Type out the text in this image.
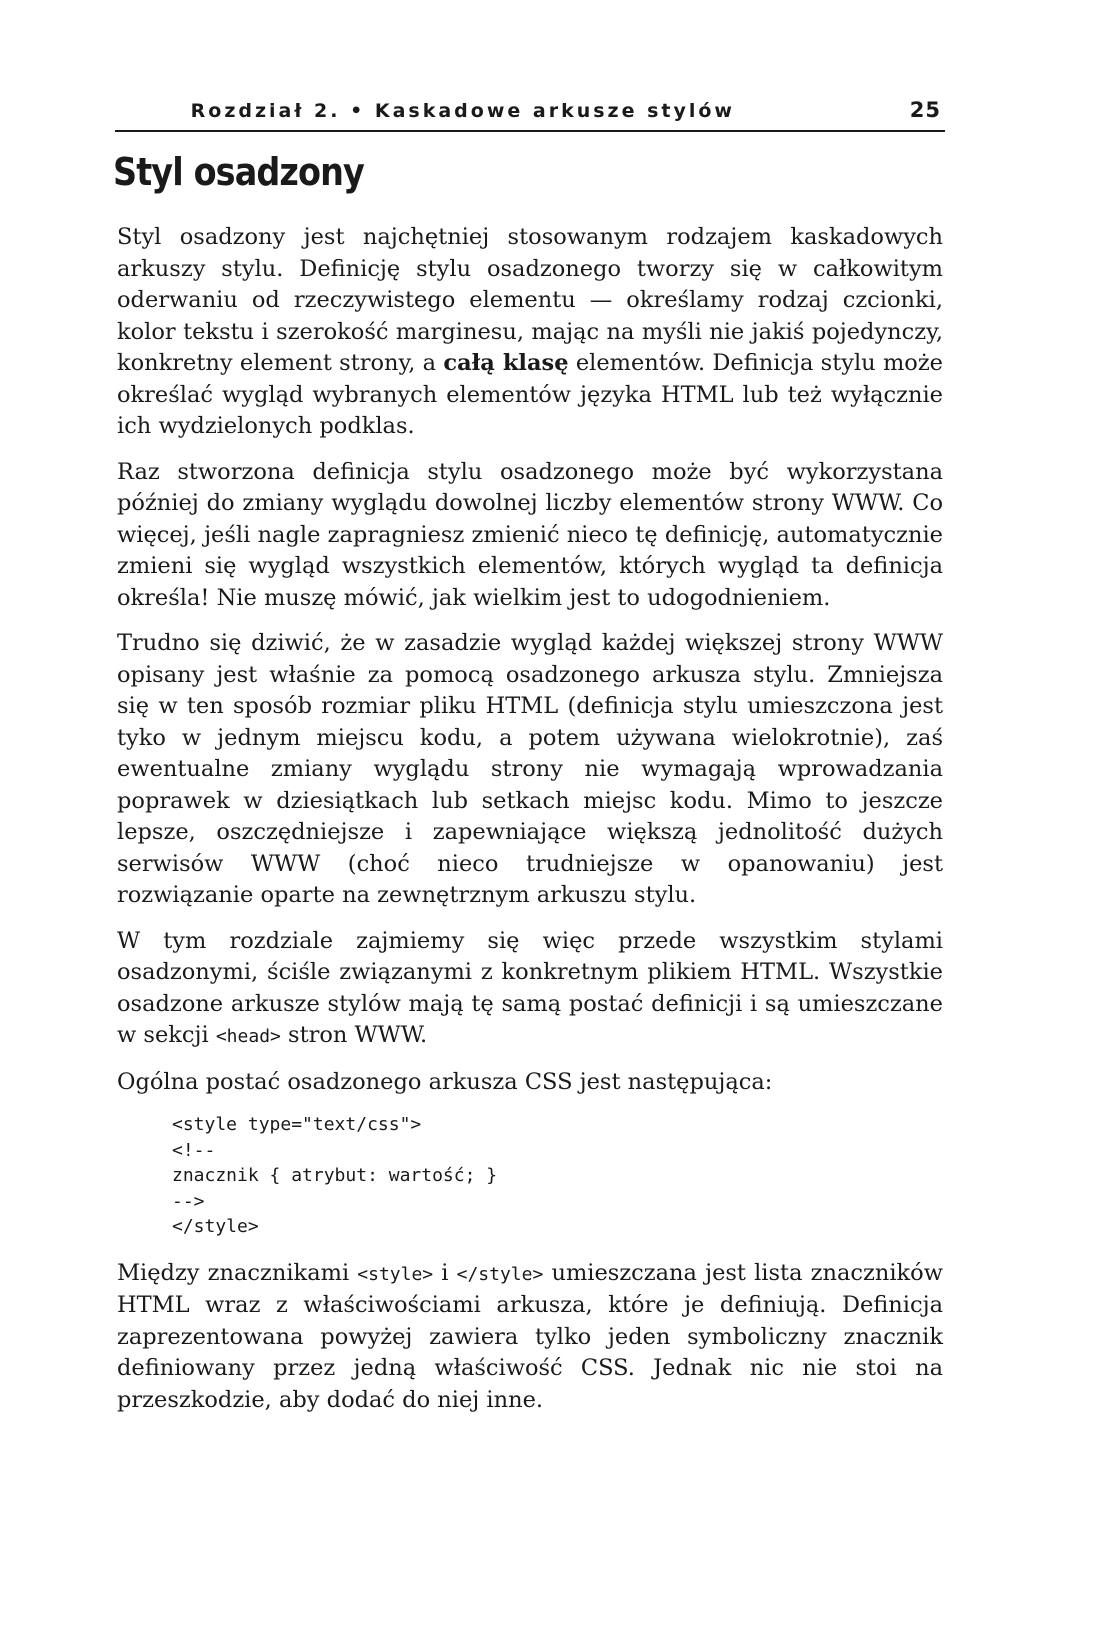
Rozdział 2. • Kaskadowe arkusze stylów	25
Styl osadzony

Styl osadzony jest najchętniej stosowanym rodzajem kaskadowych arkuszy stylu. Definicję stylu osadzonego tworzy się w całkowitym oderwaniu od rzeczywistego elementu — określamy rodzaj czcionki, kolor tekstu i szerokość marginesu, mając na myśli nie jakiś pojedynczy, konkretny element strony, a całą klasę elementów. Definicja stylu może określać wygląd wybranych elementów języka HTML lub też wyłącznie ich wydzielonych podklas.

Raz stworzona definicja stylu osadzonego może być wykorzystana później do zmiany wyglądu dowolnej liczby elementów strony WWW. Co więcej, jeśli nagle zapragniesz zmienić nieco tę definicję, automatycznie zmieni się wygląd wszystkich elementów, których wygląd ta definicja określa! Nie muszę mówić, jak wielkim jest to udogodnieniem.

Trudno się dziwić, że w zasadzie wygląd każdej większej strony WWW opisany jest właśnie za pomocą osadzonego arkusza stylu. Zmniejsza się w ten sposób rozmiar pliku HTML (definicja stylu umieszczona jest tyko w jednym miejscu kodu, a potem używana wielokrotnie), zaś ewentualne zmiany wyglądu strony nie wymagają wprowadzania poprawek w dziesiątkach lub setkach miejsc kodu. Mimo to jeszcze lepsze, oszczędniejsze i zapewniające większą jednolitość dużych serwisów WWW (choć nieco trudniejsze w opanowaniu) jest rozwiązanie oparte na zewnętrznym arkuszu stylu.

W tym rozdziale zajmiemy się więc przede wszystkim stylami osadzonymi, ściśle związanymi z konkretnym plikiem HTML. Wszystkie osadzone arkusze stylów mają tę samą postać definicji i są umieszczane w sekcji <head> stron WWW.

Ogólna postać osadzonego arkusza CSS jest następująca:

<style type="text/css">
<!--
znacznik { atrybut: wartość; }
-->
</style>

Między znacznikami <style> i </style> umieszczana jest lista znaczników HTML wraz z właściwościami arkusza, które je definiują. Definicja zaprezentowana powyżej zawiera tylko jeden symboliczny znacznik definiowany przez jedną właściwość CSS. Jednak nic nie stoi na przeszkodzie, aby dodać do niej inne.
